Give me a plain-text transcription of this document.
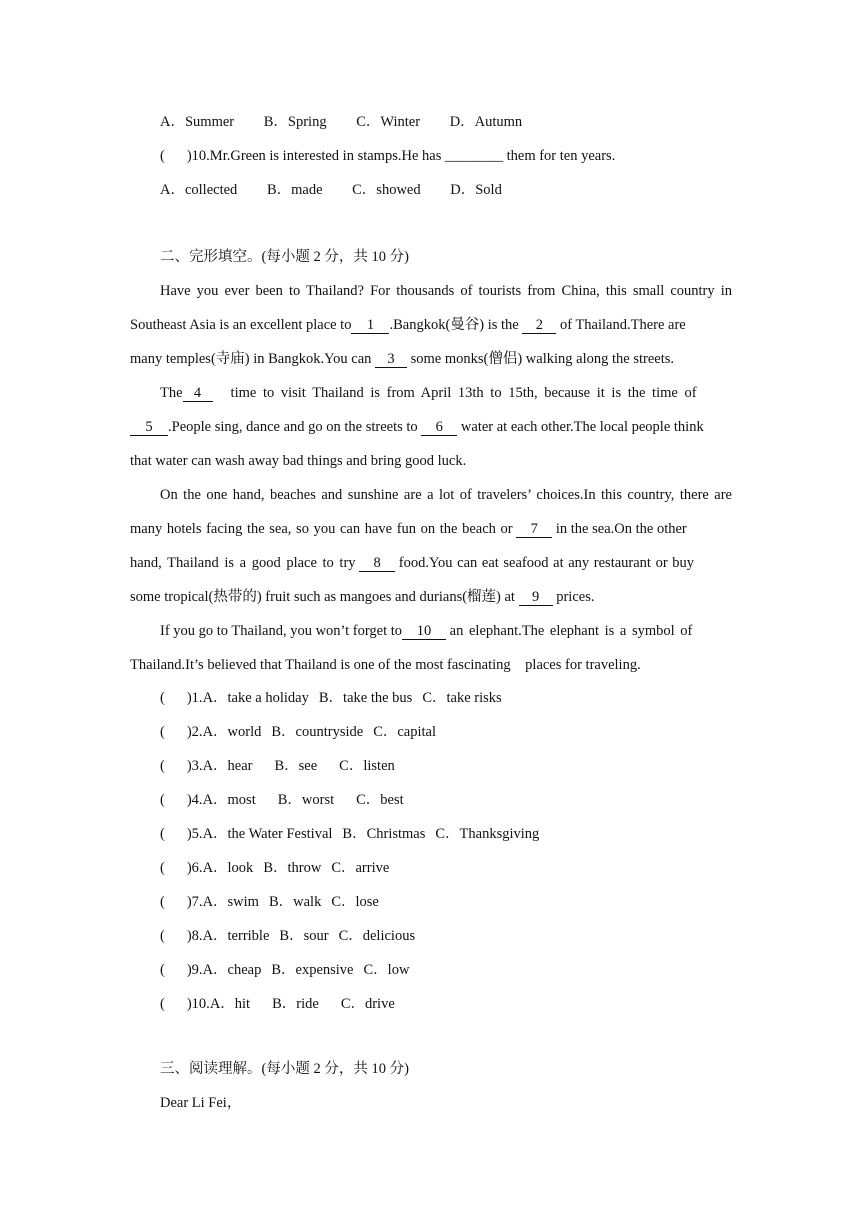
A．Summer B．Spring C．Winter D．Autumn
( )10.Mr.Green is interested in stamps.He has ________ them for ten years.
A．collected B．made C．showed D．Sold
二、完形填空。(每小题 2 分，共 10 分)
Have you ever been to Thailand? For thousands of tourists from China, this small country in
Southeast Asia is an excellent place to 1 .Bangkok(曼谷) is the 2 of Thailand.There are
many temples(寺庙) in Bangkok.You can 3 some monks(僧侣) walking along the streets.
The 4 time to visit Thailand is from April 13th to 15th, because it is the time of
5 .People sing, dance and go on the streets to 6 water at each other.The local people think
that water can wash away bad things and bring good luck.
On the one hand, beaches and sunshine are a lot of travelers’ choices.In this country, there are
many hotels facing the sea, so you can have fun on the beach or 7 in the sea.On the other
hand, Thailand is a good place to try 8 food.You can eat seafood at any restaurant or buy
some tropical(热带的) fruit such as mangoes and durians(榴莲) at 9 prices.
If you go to Thailand, you won’t forget to 10 an elephant.The elephant is a symbol of
Thailand.It’s believed that Thailand is one of the most fascinating    places for traveling.
( )1.A．take a holiday B．take the bus C．take risks
( )2.A．world B．countryside C．capital
( )3.A．hear B．see C．listen
( )4.A．most B．worst C．best
( )5.A．the Water Festival B．Christmas C．Thanksgiving
( )6.A．look B．throw C．arrive
( )7.A．swim B．walk C．lose
( )8.A．terrible B．sour C．delicious
( )9.A．cheap B．expensive C．low
( )10.A．hit B．ride C．drive
三、阅读理解。(每小题 2 分，共 10 分)
Dear Li Fei，
